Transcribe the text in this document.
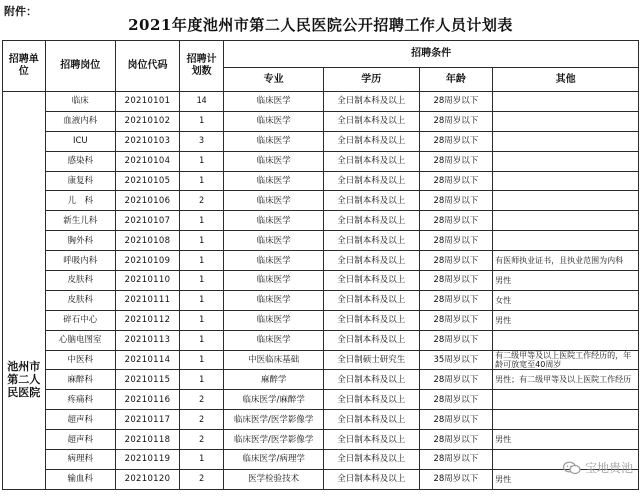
附件：
2021年度池州市第二人民医院公开招聘工作人员计划表
招聘单位	招聘岗位	岗位代码	招聘计划数	招聘条件			
				专业	学历	年龄	其他
池州市第二人民医院	临床	20210101	14	临床医学	全日制本科及以上	28周岁以下	
	血液内科	20210102	1	临床医学	全日制本科及以上	28周岁以下	
	ICU	20210103	3	临床医学	全日制本科及以上	28周岁以下	
	感染科	20210104	1	临床医学	全日制本科及以上	28周岁以下	
	康复科	20210105	1	临床医学	全日制本科及以上	28周岁以下	
	儿　科	20210106	2	临床医学	全日制本科及以上	28周岁以下	
	新生儿科	20210107	1	临床医学	全日制本科及以上	28周岁以下	
	胸外科	20210108	1	临床医学	全日制本科及以上	28周岁以下	
	呼吸内科	20210109	1	临床医学	全日制本科及以上	28周岁以下	有医师执业证书，且执业范围为内科
	皮肤科	20210110	1	临床医学	全日制本科及以上	28周岁以下	男性
	皮肤科	20210111	1	临床医学	全日制本科及以上	28周岁以下	女性
	碎石中心	20210112	1	临床医学	全日制本科及以上	28周岁以下	男性
	心脑电图室	20210113	1	临床医学	全日制本科及以上	28周岁以下	
	中医科	20210114	1	中医临床基础	全日制硕士研究生	35周岁以下	有二级甲等及以上医院工作经历的，年龄可放宽至40周岁
	麻醉科	20210115	1	麻醉学	全日制本科及以上	28周岁以下	男性；有二级甲等及以上医院工作经历
	疼痛科	20210116	2	临床医学/麻醉学	全日制本科及以上	28周岁以下	
	超声科	20210117	2	临床医学/医学影像学	全日制本科及以上	28周岁以下	
	超声科	20210118	2	临床医学/医学影像学	全日制本科及以上	28周岁以下	男性
	病理科	20210119	1	临床医学/病理学	全日制本科及以上	28周岁以下	
	输血科	20210120	2	医学检验技术	全日制本科及以上	28周岁以下	男性
宝地贵池
